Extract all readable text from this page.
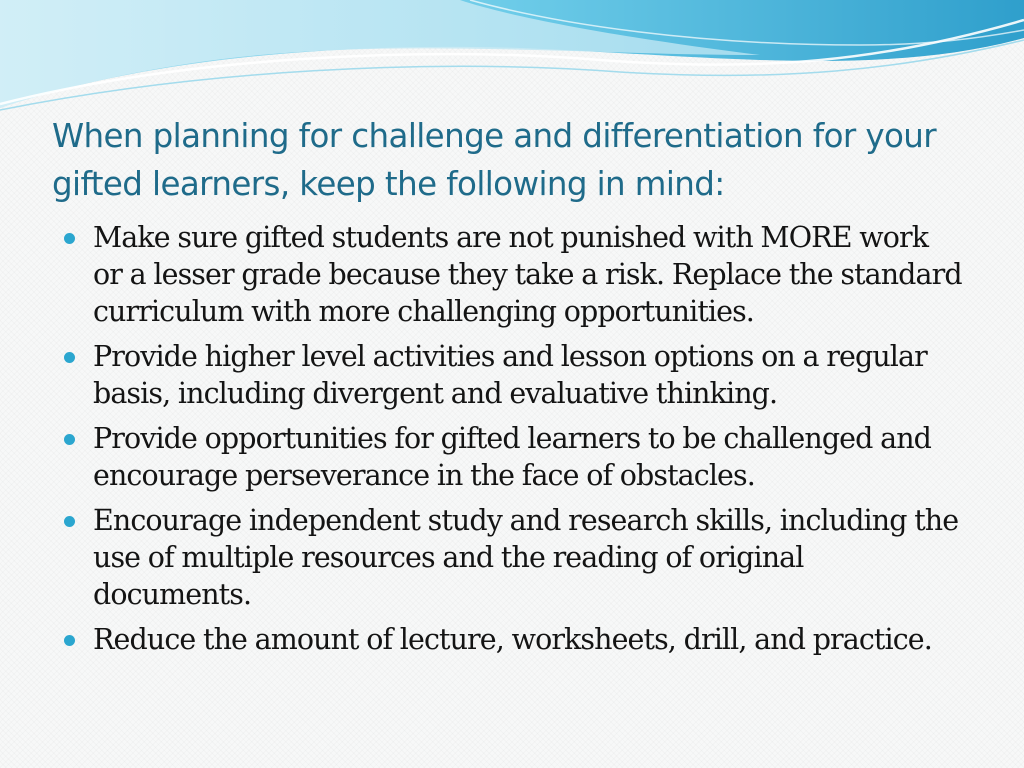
When planning for challenge and differentiation for your gifted learners, keep the following in mind:
Make sure gifted students are not punished with MORE work or a lesser grade because they take a risk. Replace the standard curriculum with more challenging opportunities.
Provide higher level activities and lesson options on a regular basis, including divergent and evaluative thinking.
Provide opportunities for gifted learners to be challenged and encourage perseverance in the face of obstacles.
Encourage independent study and research skills, including the use of multiple resources and the reading of original documents.
Reduce the amount of lecture, worksheets, drill, and practice.
